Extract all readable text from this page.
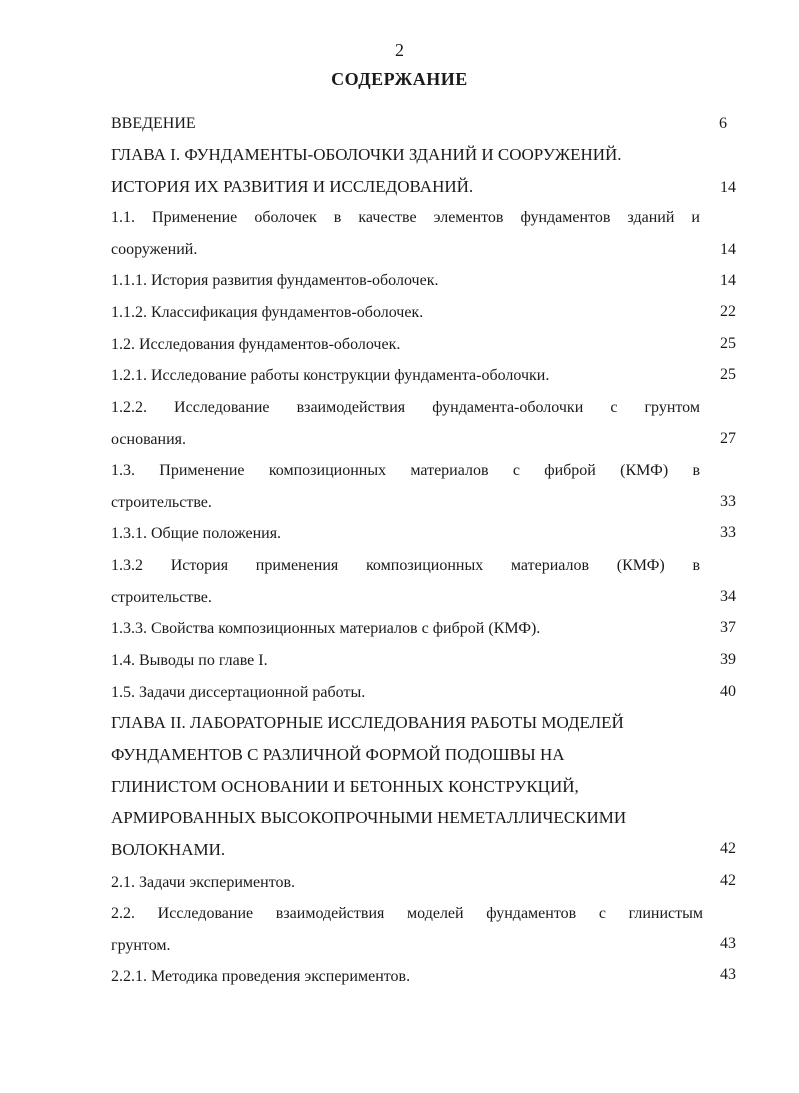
2
СОДЕРЖАНИЕ
ВВЕДЕНИЕ	6
ГЛАВА I. ФУНДАМЕНТЫ-ОБОЛОЧКИ ЗДАНИЙ И СООРУЖЕНИЙ.
ИСТОРИЯ ИХ РАЗВИТИЯ И ИССЛЕДОВАНИЙ.	14
1.1. Применение оболочек в качестве элементов фундаментов зданий и
сооружений.	14
1.1.1. История развития фундаментов-оболочек.	14
1.1.2. Классификация фундаментов-оболочек.	22
1.2. Исследования фундаментов-оболочек.	25
1.2.1. Исследование работы конструкции фундамента-оболочки.	25
1.2.2. Исследование взаимодействия фундамента-оболочки с грунтом
основания.	27
1.3. Применение композиционных материалов с фиброй (КМФ) в
строительстве.	33
1.3.1. Общие положения.	33
1.3.2 История применения композиционных материалов (КМФ) в
строительстве.	34
1.3.3. Свойства композиционных материалов с фиброй (КМФ).	37
1.4. Выводы по главе I.	39
1.5. Задачи диссертационной работы.	40
ГЛАВА II. ЛАБОРАТОРНЫЕ ИССЛЕДОВАНИЯ РАБОТЫ МОДЕЛЕЙ
ФУНДАМЕНТОВ С РАЗЛИЧНОЙ ФОРМОЙ ПОДОШВЫ НА
ГЛИНИСТОМ ОСНОВАНИИ И БЕТОННЫХ КОНСТРУКЦИЙ,
АРМИРОВАННЫХ ВЫСОКОПРОЧНЫМИ НЕМЕТАЛЛИЧЕСКИМИ
ВОЛОКНАМИ.	42
2.1. Задачи экспериментов.	42
2.2. Исследование взаимодействия моделей фундаментов с глинистым
грунтом.	43
2.2.1. Методика проведения экспериментов.	43
